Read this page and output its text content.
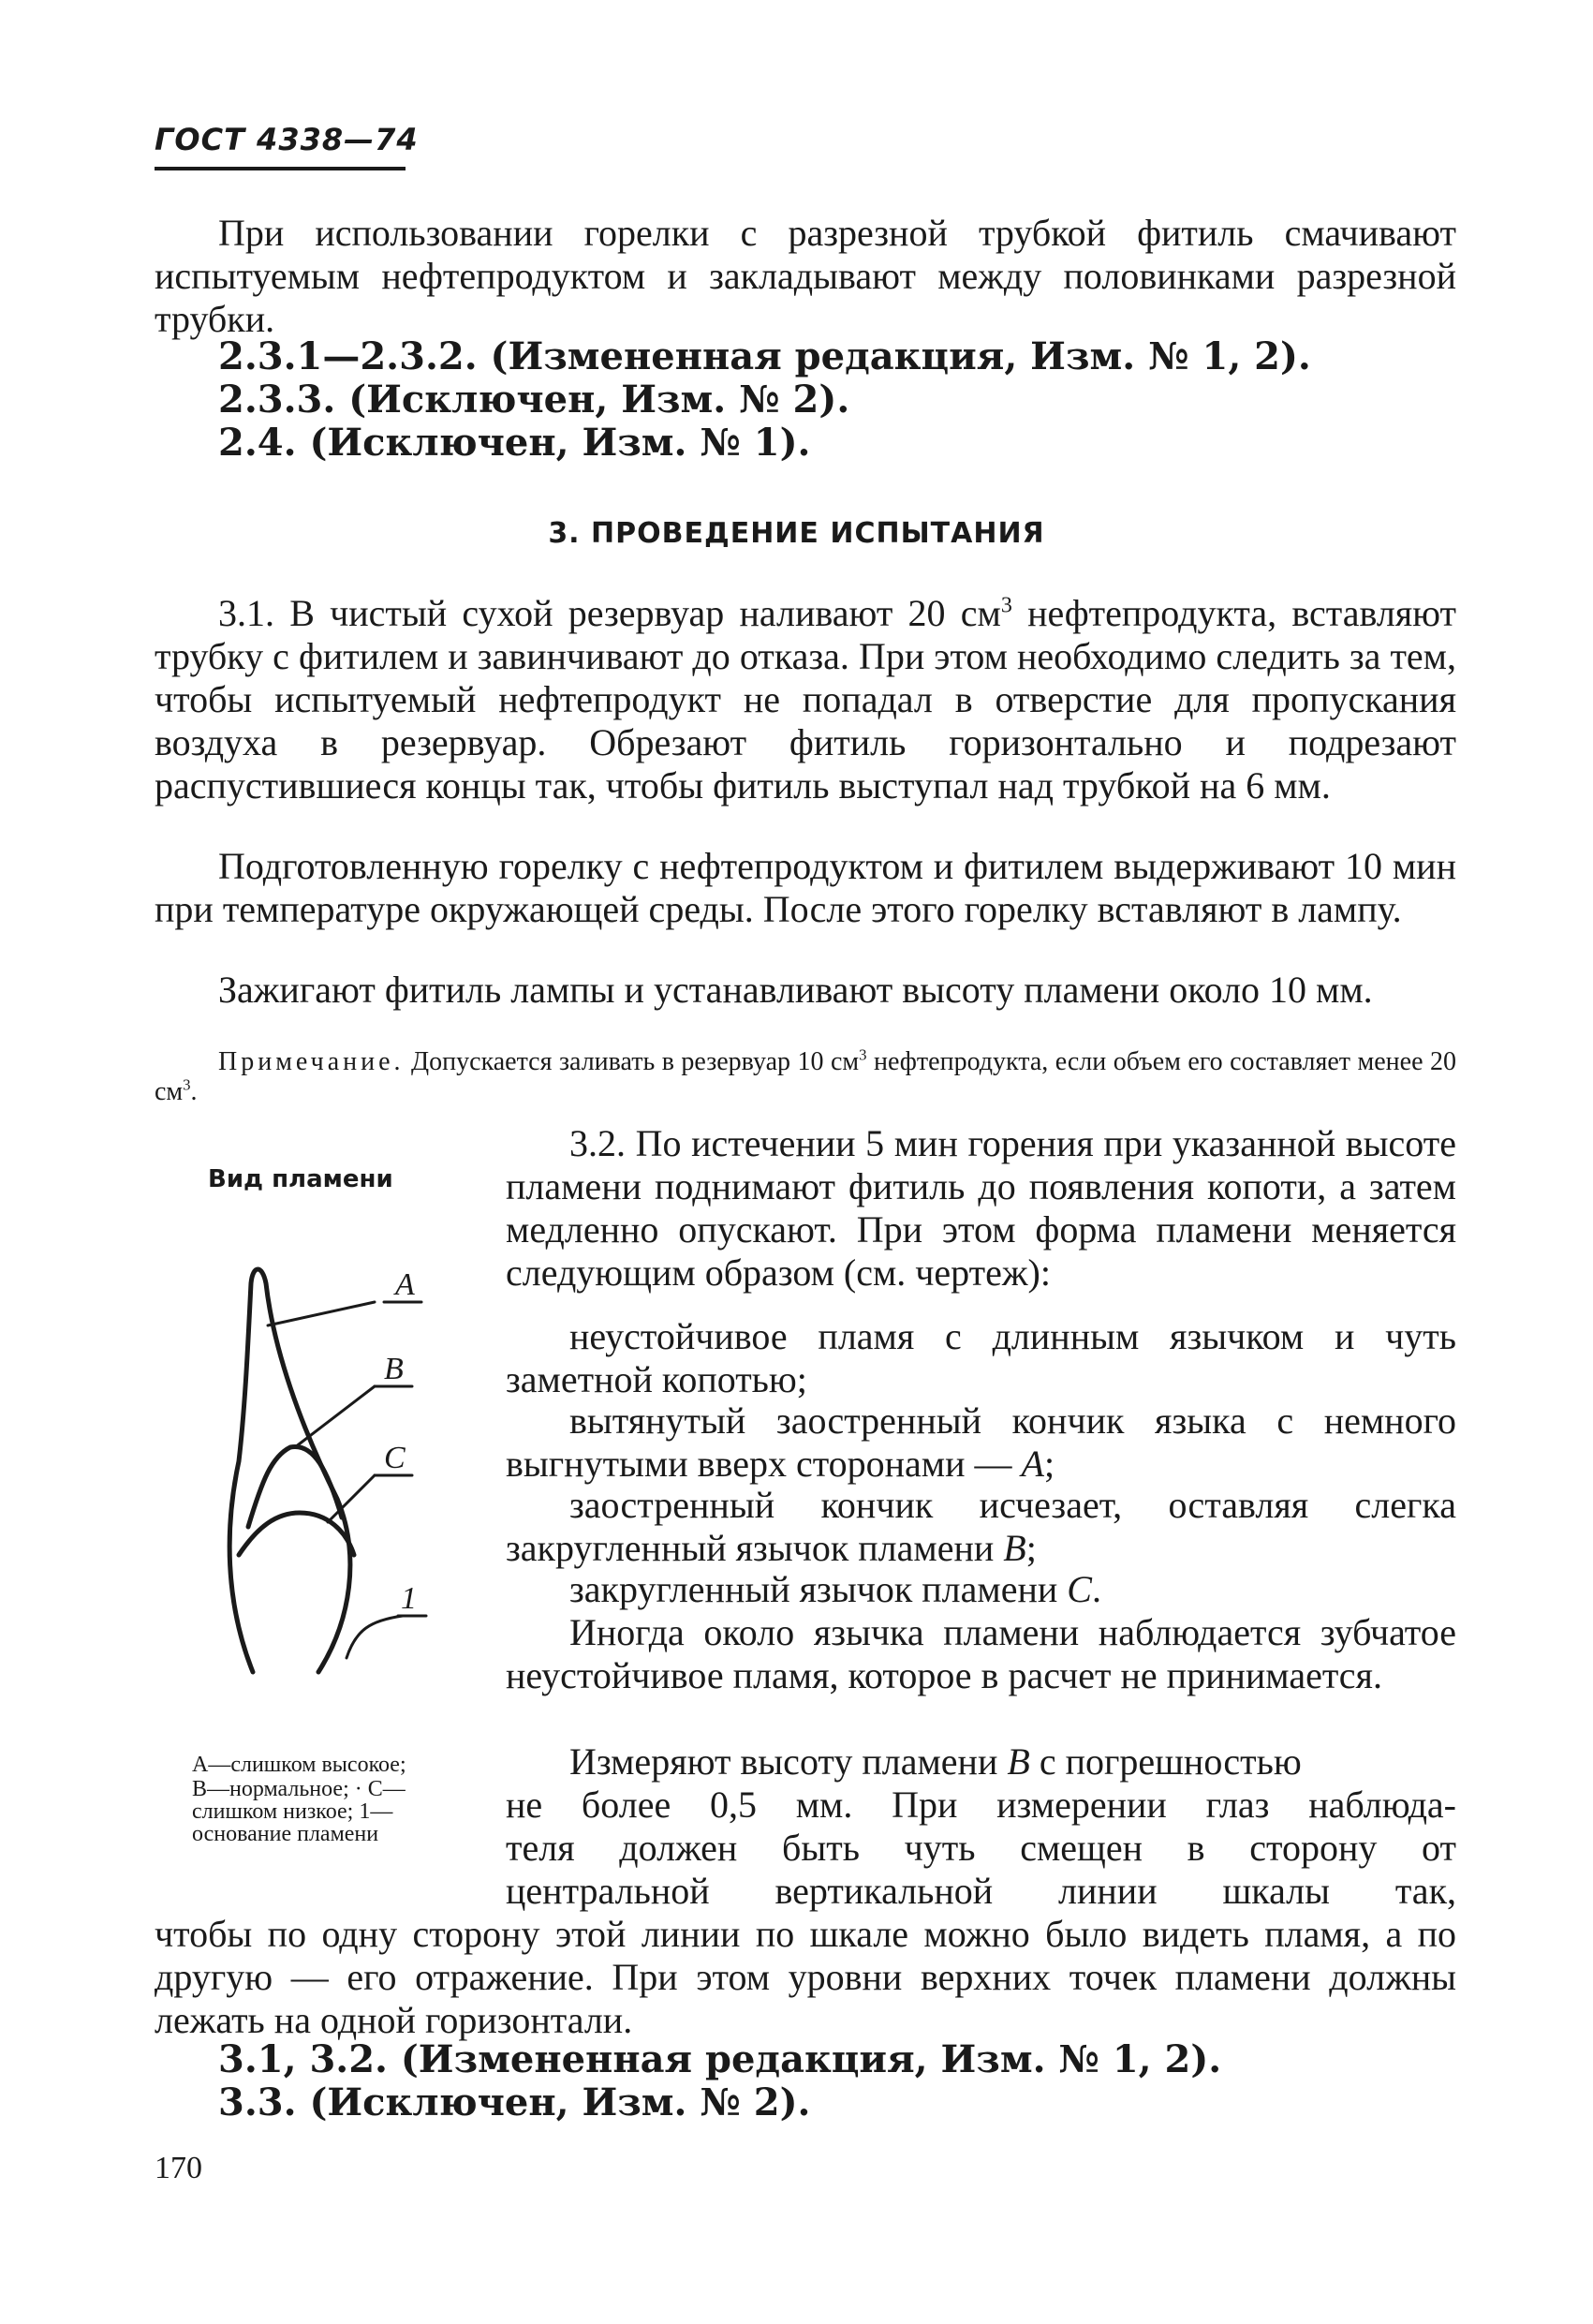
ГОСТ 4338—74

При использовании горелки с разрезной трубкой фитиль смачивают испытуемым нефтепродуктом и закладывают между половинками разрезной трубки.

2.3.1—2.3.2. (Измененная редакция, Изм. № 1, 2).

2.3.3. (Исключен, Изм. № 2).

2.4. (Исключен, Изм. № 1).

3. ПРОВЕДЕНИЕ ИСПЫТАНИЯ

3.1. В чистый сухой резервуар наливают 20 $см^3$ нефтепродукта, вставляют трубку с фитилем и завинчивают до отказа. При этом необходимо следить за тем, чтобы испытуемый нефтепродукт не попадал в отверстие для пропускания воздуха в резервуар. Обрезают фитиль горизонтально и подрезают распустившиеся концы так, чтобы фитиль выступал над трубкой на 6 мм.

Подготовленную горелку с нефтепродуктом и фитилем выдерживают 10 мин при температуре окружающей среды. После этого горелку вставляют в лампу.

Зажигают фитиль лампы и устанавливают высоту пламени около 10 мм.

Примечание. Допускается заливать в резервуар 10 $см^3$ нефтепродукта, если объем его составляет менее 20 $см^3$.

Вид пламени

А
В
С
1

А—слишком высокое;

В—нормальное; · С—

слишком низкое; 1—

основание пламени

3.2. По истечении 5 мин горения при указанной высоте пламени поднимают фитиль до появления копоти, а затем медленно опускают. При этом форма пламени меняется следующим образом (см. чертеж):

неустойчивое пламя с длинным язычком и чуть заметной копотью;

вытянутый заостренный кончик языка с немного выгнутыми вверх сторонами — А;

заостренный кончик исчезает, оставляя слегка закругленный язычок пламени В;

закругленный язычок пламени С.

Иногда около язычка пламени наблюдается зубчатое неустойчивое пламя, которое в расчет не принимается.

Измеряют высоту пламени В с погрешностью

не более 0,5 мм. При измерении глаз наблюда-

теля должен быть чуть смещен в сторону от

центральной вертикальной линии шкалы так,

чтобы по одну сторону этой линии по шкале можно было видеть пламя, а по другую — его отражение. При этом уровни верхних точек пламени должны лежать на одной горизонтали.

3.1, 3.2. (Измененная редакция, Изм. № 1, 2).

3.3. (Исключен, Изм. № 2).

170
